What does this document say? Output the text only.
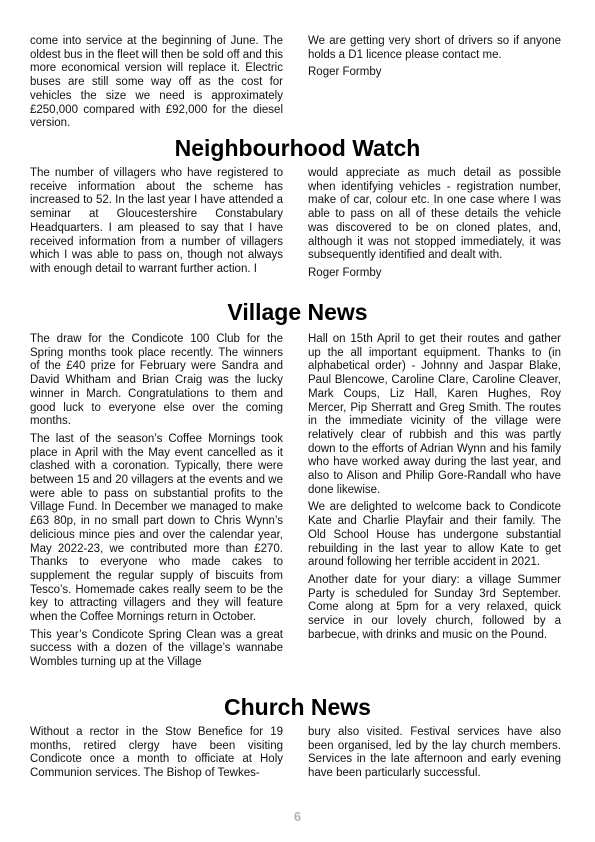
come into service at the beginning of June. The oldest bus in the fleet will then be sold off and this more economical version will replace it. Electric buses are still some way off as the cost for vehicles the size we need is approximately £250,000 compared with £92,000 for the diesel version.

We are getting very short of drivers so if anyone holds a D1 licence please contact me.

Roger Formby

Neighbourhood Watch

The number of villagers who have registered to receive information about the scheme has increased to 52. In the last year I have attended a seminar at Gloucestershire Constabulary Headquarters. I am pleased to say that I have received information from a number of villagers which I was able to pass on, though not always with enough detail to warrant further action. I

would appreciate as much detail as possible when identifying vehicles - registration number, make of car, colour etc. In one case where I was able to pass on all of these details the vehicle was discovered to be on cloned plates, and, although it was not stopped immediately, it was subsequently identified and dealt with.

Roger Formby

Village News

The draw for the Condicote 100 Club for the Spring months took place recently. The winners of the £40 prize for February were Sandra and David Whitham and Brian Craig was the lucky winner in March. Congratulations to them and good luck to everyone else over the coming months.

The last of the season’s Coffee Mornings took place in April with the May event cancelled as it clashed with a coronation. Typically, there were between 15 and 20 villagers at the events and we were able to pass on substantial profits to the Village Fund. In December we managed to make £63 80p, in no small part down to Chris Wynn’s delicious mince pies and over the calendar year, May 2022-23, we contributed more than £270. Thanks to everyone who made cakes to supplement the regular supply of biscuits from Tesco’s. Homemade cakes really seem to be the key to attracting villagers and they will feature when the Coffee Mornings return in October.

This year’s Condicote Spring Clean was a great success with a dozen of the village’s wannabe Wombles turning up at the Village

Hall on 15th April to get their routes and gather up the all important equipment. Thanks to (in alphabetical order) - Johnny and Jaspar Blake, Paul Blencowe, Caroline Clare, Caroline Cleaver, Mark Coups, Liz Hall, Karen Hughes, Roy Mercer, Pip Sherratt and Greg Smith. The routes in the immediate vicinity of the village were relatively clear of rubbish and this was partly down to the efforts of Adrian Wynn and his family who have worked away during the last year, and also to Alison and Philip Gore-Randall who have done likewise.

We are delighted to welcome back to Condicote Kate and Charlie Playfair and their family. The Old School House has undergone substantial rebuilding in the last year to allow Kate to get around following her terrible accident in 2021.

Another date for your diary: a village Summer Party is scheduled for Sunday 3rd September. Come along at 5pm for a very relaxed, quick service in our lovely church, followed by a barbecue, with drinks and music on the Pound.

Church News

Without a rector in the Stow Benefice for 19 months, retired clergy have been visiting Condicote once a month to officiate at Holy Communion services. The Bishop of Tewkes-

bury also visited. Festival services have also been organised, led by the lay church members. Services in the late afternoon and early evening have been particularly successful.

6
